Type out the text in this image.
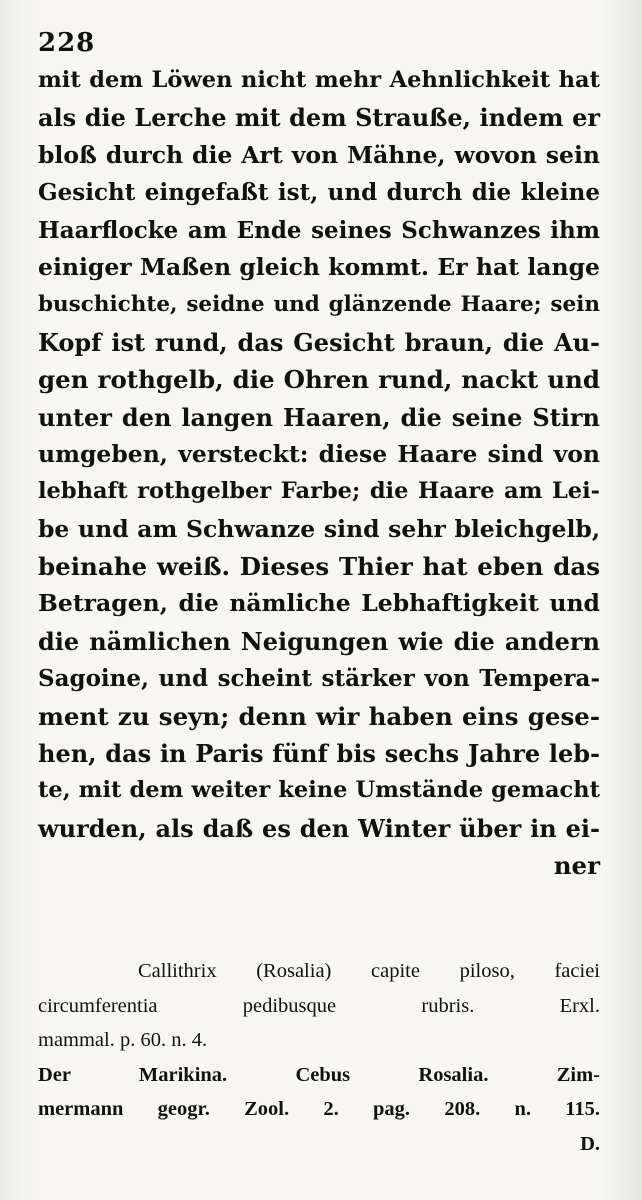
228
mit dem Löwen nicht mehr Aehnlichkeit hat
als die Lerche mit dem Strauße, indem er
bloß durch die Art von Mähne, wovon sein
Gesicht eingefaßt ist, und durch die kleine
Haarflocke am Ende seines Schwanzes ihm
einiger Maßen gleich kommt. Er hat lange
buschichte, seidne und glänzende Haare; sein
Kopf ist rund, das Gesicht braun, die Au-
gen rothgelb, die Ohren rund, nackt und
unter den langen Haaren, die seine Stirn
umgeben, versteckt: diese Haare sind von
lebhaft rothgelber Farbe; die Haare am Lei-
be und am Schwanze sind sehr bleichgelb,
beinahe weiß. Dieses Thier hat eben das
Betragen, die nämliche Lebhaftigkeit und
die nämlichen Neigungen wie die andern
Sagoine, und scheint stärker von Tempera-
ment zu seyn; denn wir haben eins gese-
hen, das in Paris fünf bis sechs Jahre leb-
te, mit dem weiter keine Umstände gemacht
wurden, als daß es den Winter über in ei-
ner
Callithrix (Rosalia) capite piloso, faciei
circumferentia pedibusque rubris. Erxl.
mammal. p. 60. n. 4.
Der Marikina. Cebus Rosalia. Zim-
mermann geogr. Zool. 2. pag. 208. n. 115.
D.
